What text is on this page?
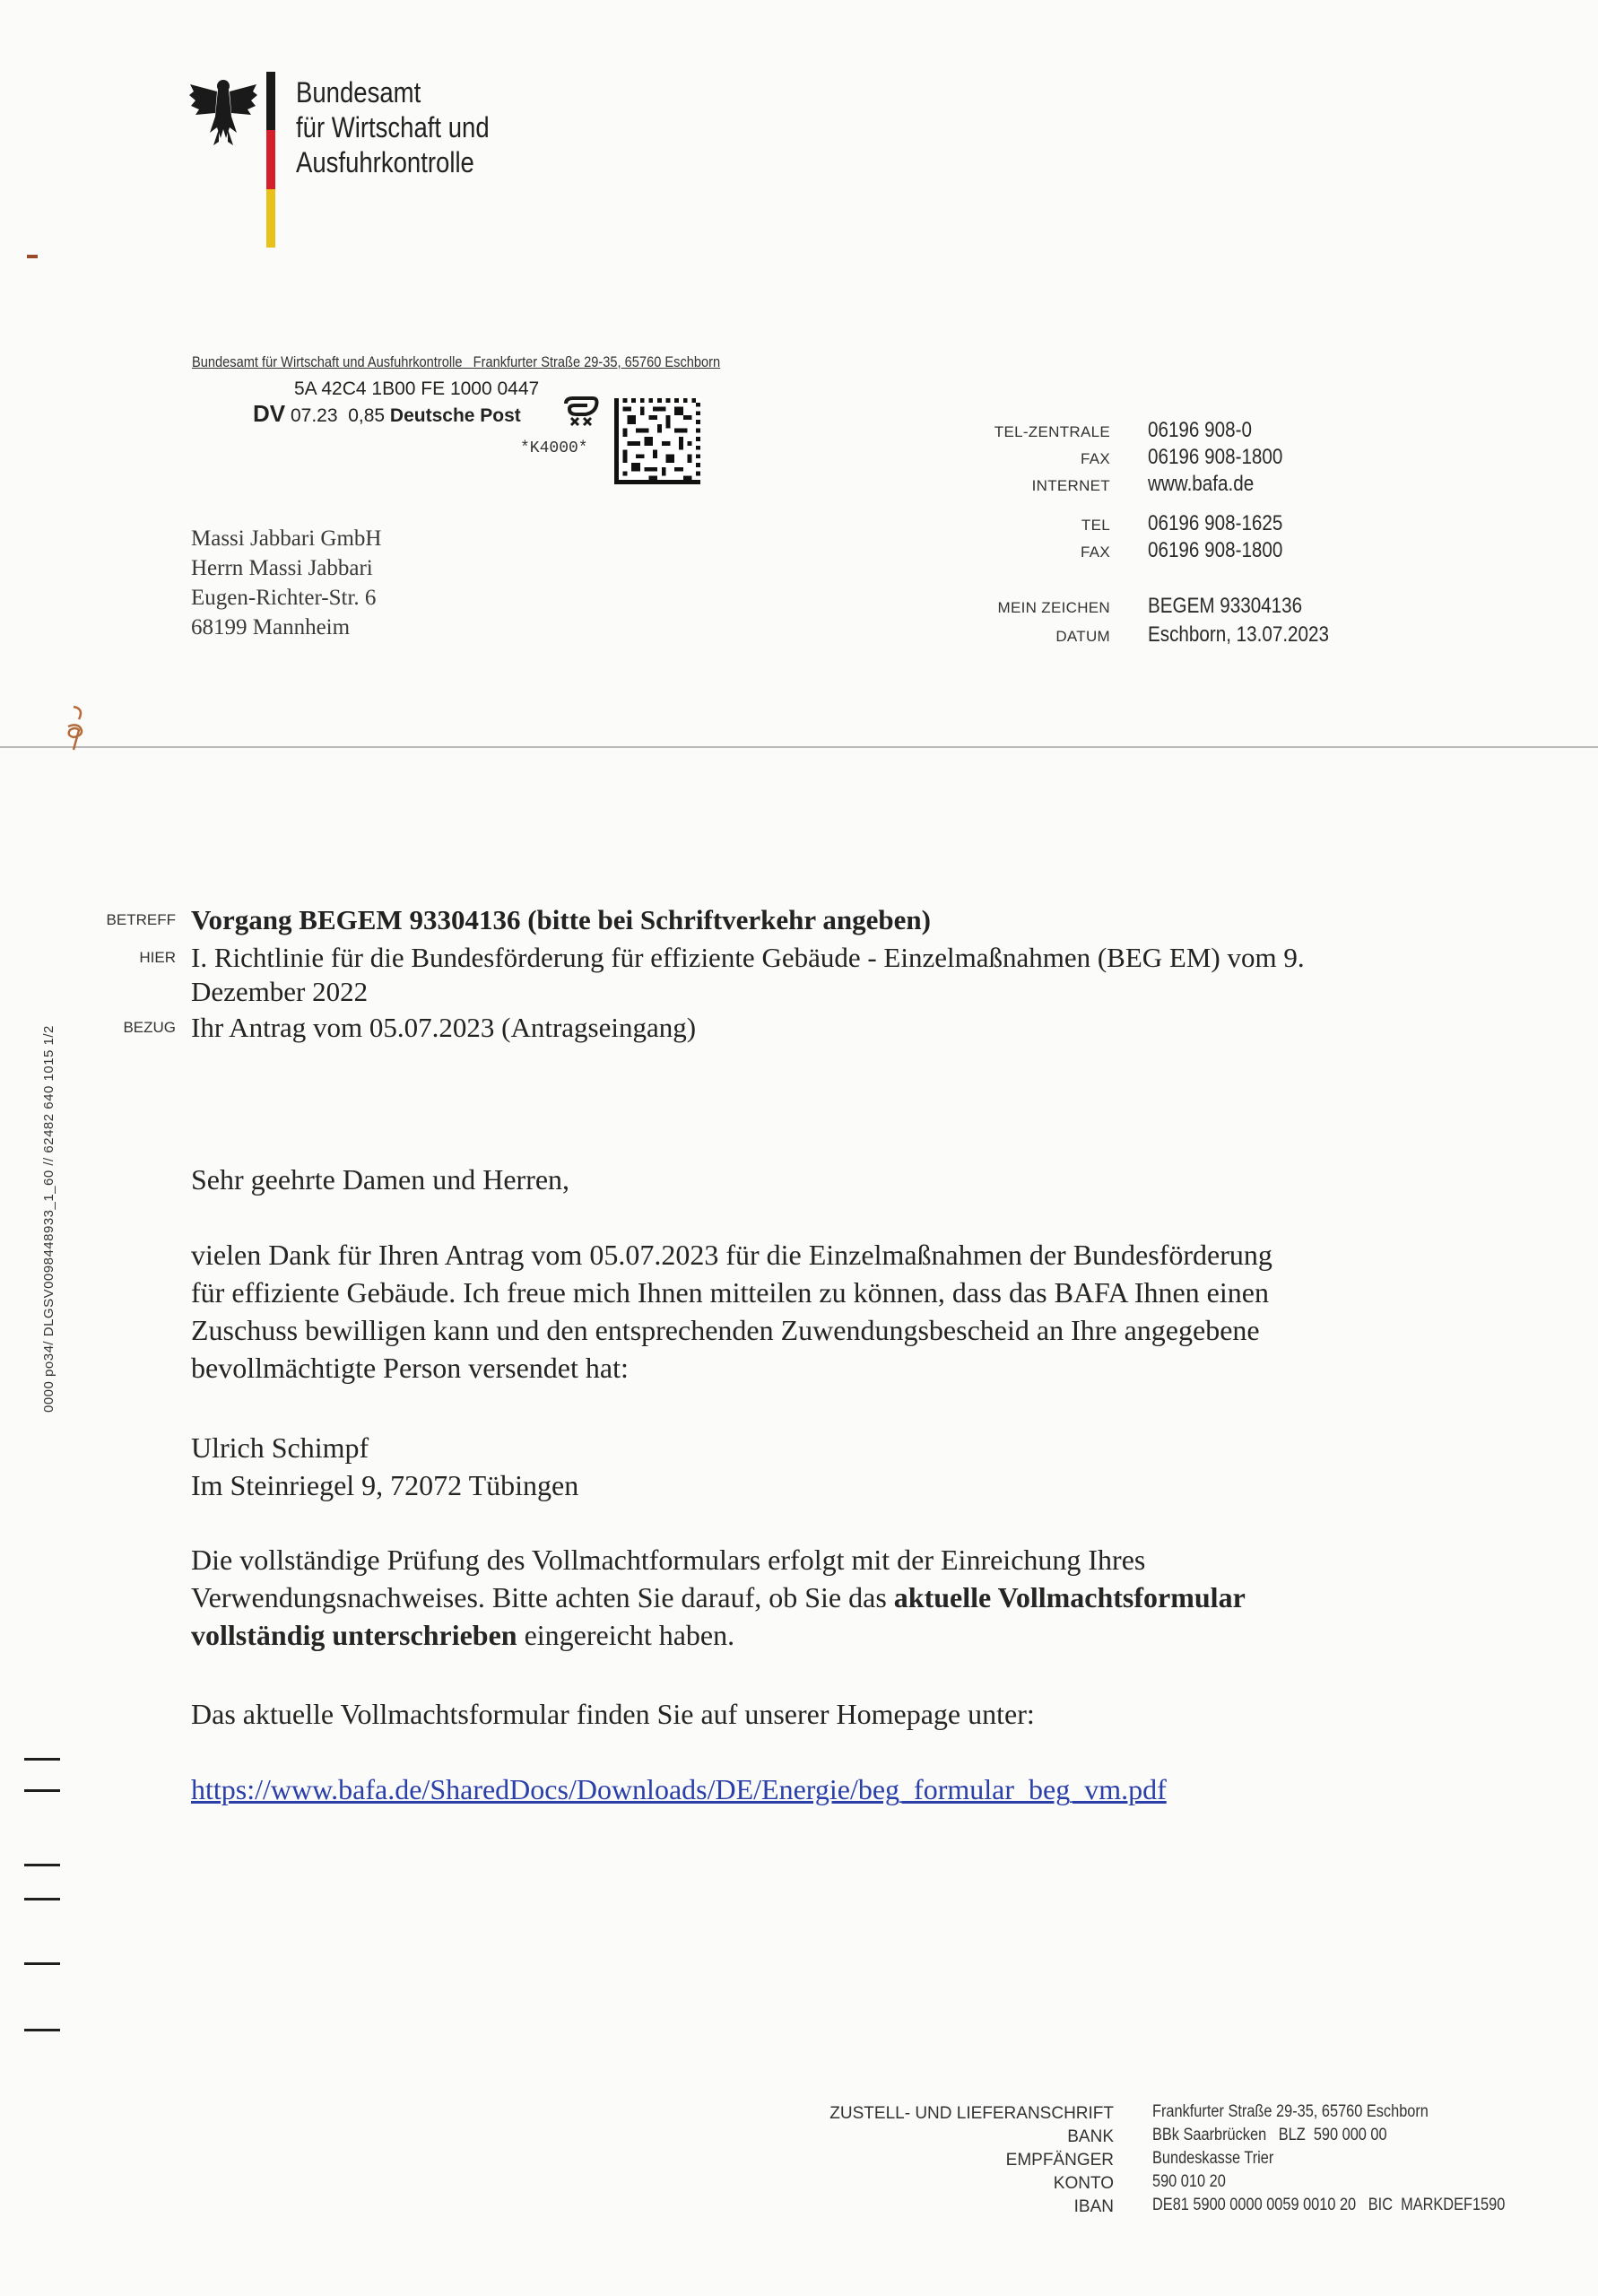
Bundesamt
für Wirtschaft und
Ausfuhrkontrolle
Bundesamt für Wirtschaft und Ausfuhrkontrolle   Frankfurter Straße 29-35, 65760 Eschborn
5A 42C4 1B00 FE 1000 0447
DV 07.23 0,85 Deutsche Post
*K4000*
Massi Jabbari GmbH
Herrn Massi Jabbari
Eugen-Richter-Str. 6
68199 Mannheim
TEL-ZENTRALE 06196 908-0
FAX 06196 908-1800
INTERNET www.bafa.de
TEL 06196 908-1625
FAX 06196 908-1800
MEIN ZEICHEN BEGEM 93304136
DATUM Eschborn, 13.07.2023
0000 po34/ DLGSV0098448933_1_60 // 62482 640 1015 1/2
BETREFF Vorgang BEGEM 93304136 (bitte bei Schriftverkehr angeben)
HIER I. Richtlinie für die Bundesförderung für effiziente Gebäude - Einzelmaßnahmen (BEG EM) vom 9.
Dezember 2022
BEZUG Ihr Antrag vom 05.07.2023 (Antragseingang)
Sehr geehrte Damen und Herren,
vielen Dank für Ihren Antrag vom 05.07.2023 für die Einzelmaßnahmen der Bundesförderung
für effiziente Gebäude. Ich freue mich Ihnen mitteilen zu können, dass das BAFA Ihnen einen
Zuschuss bewilligen kann und den entsprechenden Zuwendungsbescheid an Ihre angegebene
bevollmächtigte Person versendet hat:
Ulrich Schimpf
Im Steinriegel 9, 72072 Tübingen
Die vollständige Prüfung des Vollmachtformulars erfolgt mit der Einreichung Ihres
Verwendungsnachweises. Bitte achten Sie darauf, ob Sie das aktuelle Vollmachtsformular
vollständig unterschrieben eingereicht haben.
Das aktuelle Vollmachtsformular finden Sie auf unserer Homepage unter:
https://www.bafa.de/SharedDocs/Downloads/DE/Energie/beg_formular_beg_vm.pdf
ZUSTELL- UND LIEFERANSCHRIFT Frankfurter Straße 29-35, 65760 Eschborn
BANK BBk Saarbrücken   BLZ  590 000 00
EMPFÄNGER Bundeskasse Trier
KONTO 590 010 20
IBAN DE81 5900 0000 0059 0010 20   BIC  MARKDEF1590
